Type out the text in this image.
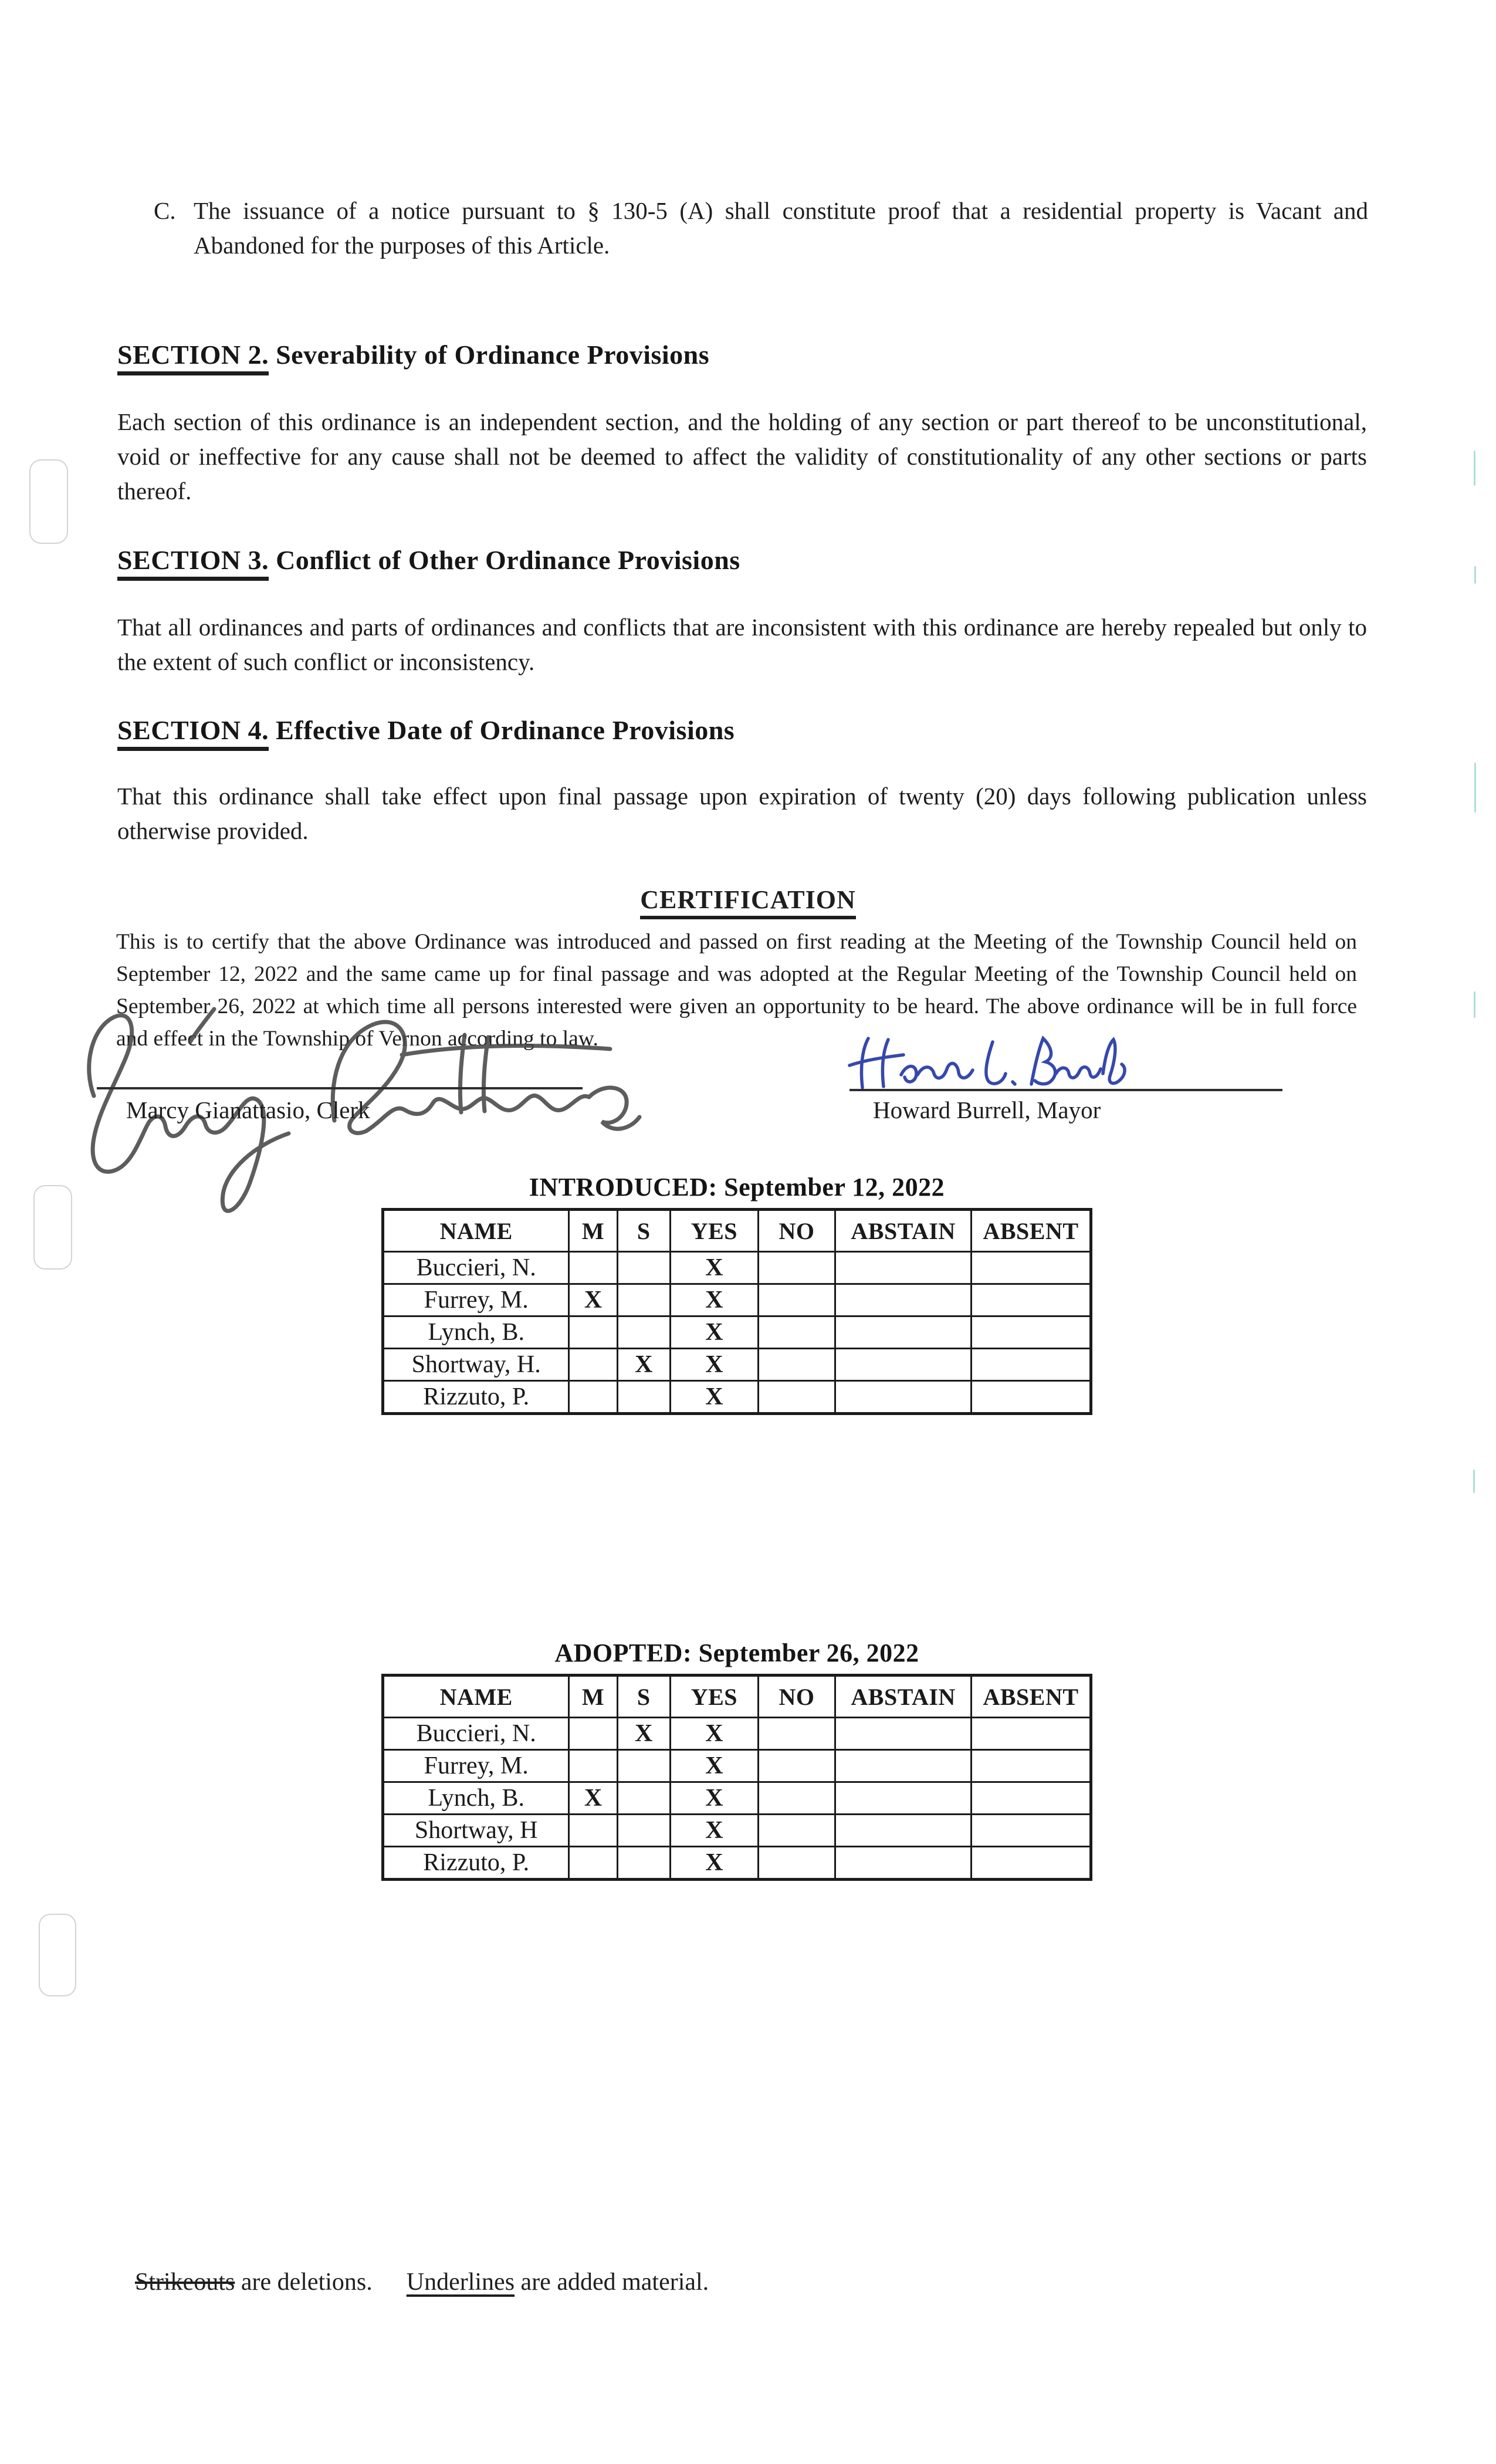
C. The issuance of a notice pursuant to § 130-5 (A) shall constitute proof that a residential property is Vacant and Abandoned for the purposes of this Article.

SECTION 2. Severability of Ordinance Provisions

Each section of this ordinance is an independent section, and the holding of any section or part thereof to be unconstitutional, void or ineffective for any cause shall not be deemed to affect the validity of constitutionality of any other sections or parts thereof.

SECTION 3. Conflict of Other Ordinance Provisions

That all ordinances and parts of ordinances and conflicts that are inconsistent with this ordinance are hereby repealed but only to the extent of such conflict or inconsistency.

SECTION 4. Effective Date of Ordinance Provisions

That this ordinance shall take effect upon final passage upon expiration of twenty (20) days following publication unless otherwise provided.

CERTIFICATION

This is to certify that the above Ordinance was introduced and passed on first reading at the Meeting of the Township Council held on September 12, 2022 and the same came up for final passage and was adopted at the Regular Meeting of the Township Council held on September 26, 2022 at which time all persons interested were given an opportunity to be heard. The above ordinance will be in full force and effect in the Township of Vernon according to law.

Marcy Gianattasio, Clerk	Howard Burrell, Mayor
INTRODUCED: September 12, 2022
NAME	M	S	YES	NO	ABSTAIN	ABSENT
Buccieri, N.			X			
Furrey, M.	X		X			
Lynch, B.			X			
Shortway, H.		X	X			
Rizzuto, P.			X			
ADOPTED: September 26, 2022
NAME	M	S	YES	NO	ABSTAIN	ABSENT
Buccieri, N.		X	X			
Furrey, M.			X			
Lynch, B.	X		X			
Shortway, H			X			
Rizzuto, P.			X			
Strikeouts are deletions. Underlines are added material.
